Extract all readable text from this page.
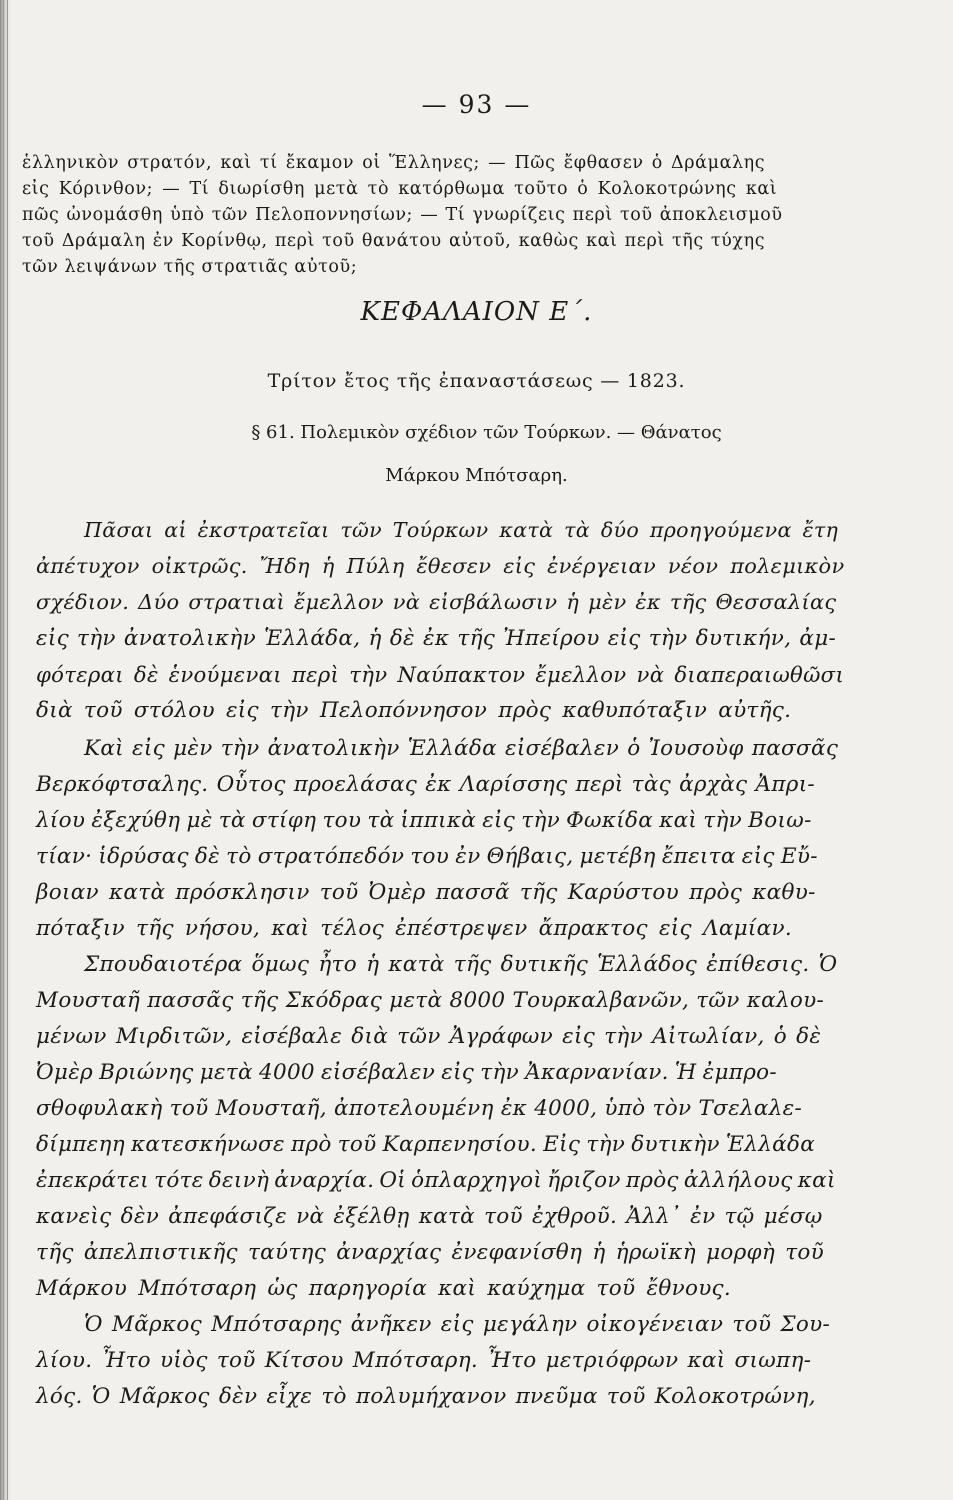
— 93 —
ἑλληνικὸν στρατόν, καὶ τί ἔκαμον οἱ Ἕλληνες; — Πῶς ἔφθασεν ὁ Δράμαλης
εἰς Κόρινθον; — Τί διωρίσθη μετὰ τὸ κατόρθωμα τοῦτο ὁ Κολοκοτρώνης καὶ
πῶς ὠνομάσθη ὑπὸ τῶν Πελοποννησίων; — Τί γνωρίζεις περὶ τοῦ ἀποκλεισμοῦ
τοῦ Δράμαλη ἐν Κορίνθῳ, περὶ τοῦ θανάτου αὐτοῦ, καθὼς καὶ περὶ τῆς τύχης
τῶν λειψάνων τῆς στρατιᾶς αὐτοῦ;
ΚΕΦΑΛΑΙΟΝ Ε΄.
Τρίτον ἔτος τῆς ἐπαναστάσεως — 1823.
§ 61. Πολεμικὸν σχέδιον τῶν Τούρκων. — Θάνατος
Μάρκου Μπότσαρη.
Πᾶσαι αἱ ἐκστρατεῖαι τῶν Τούρκων κατὰ τὰ δύο προηγούμενα ἔτη
ἀπέτυχον οἰκτρῶς. Ἤδη ἡ Πύλη ἔθεσεν εἰς ἐνέργειαν νέον πολεμικὸν
σχέδιον. Δύο στρατιαὶ ἔμελλον νὰ εἰσβάλωσιν ἡ μὲν ἐκ τῆς Θεσσαλίας
εἰς τὴν ἀνατολικὴν Ἑλλάδα, ἡ δὲ ἐκ τῆς Ἠπείρου εἰς τὴν δυτικήν, ἀμ-
φότεραι δὲ ἑνούμεναι περὶ τὴν Ναύπακτον ἔμελλον νὰ διαπεραιωθῶσι
διὰ τοῦ στόλου εἰς τὴν Πελοπόννησον πρὸς καθυπόταξιν αὐτῆς.
Καὶ εἰς μὲν τὴν ἀνατολικὴν Ἑλλάδα εἰσέβαλεν ὁ Ἰουσοὺφ πασσᾶς
Βερκόφτσαλης. Οὗτος προελάσας ἐκ Λαρίσσης περὶ τὰς ἀρχὰς Ἀπρι-
λίου ἐξεχύθη μὲ τὰ στίφη του τὰ ἱππικὰ εἰς τὴν Φωκίδα καὶ τὴν Βοιω-
τίαν· ἱδρύσας δὲ τὸ στρατόπεδόν του ἐν Θήβαις, μετέβη ἔπειτα εἰς Εὔ-
βοιαν κατὰ πρόσκλησιν τοῦ Ὀμὲρ πασσᾶ τῆς Καρύστου πρὸς καθυ-
πόταξιν τῆς νήσου, καὶ τέλος ἐπέστρεψεν ἄπρακτος εἰς Λαμίαν.
Σπουδαιοτέρα ὅμως ἦτο ἡ κατὰ τῆς δυτικῆς Ἑλλάδος ἐπίθεσις. Ὁ
Μουσταῆ πασσᾶς τῆς Σκόδρας μετὰ 8000 Τουρκαλβανῶν, τῶν καλου-
μένων Μιρδιτῶν, εἰσέβαλε διὰ τῶν Ἀγράφων εἰς τὴν Αἰτωλίαν, ὁ δὲ
Ὀμὲρ Βριώνης μετὰ 4000 εἰσέβαλεν εἰς τὴν Ἀκαρνανίαν. Ἡ ἐμπρο-
σθοφυλακὴ τοῦ Μουσταῆ, ἀποτελουμένη ἐκ 4000, ὑπὸ τὸν Τσελαλε-
δίμπεηη κατεσκήνωσε πρὸ τοῦ Καρπενησίου. Εἰς τὴν δυτικὴν Ἑλλάδα
ἐπεκράτει τότε δεινὴ ἀναρχία. Οἱ ὁπλαρχηγοὶ ἤριζον πρὸς ἀλλήλους καὶ
κανεὶς δὲν ἀπεφάσιζε νὰ ἐξέλθῃ κατὰ τοῦ ἐχθροῦ. Ἀλλ᾽ ἐν τῷ μέσῳ
τῆς ἀπελπιστικῆς ταύτης ἀναρχίας ἐνεφανίσθη ἡ ἡρωϊκὴ μορφὴ τοῦ
Μάρκου Μπότσαρη ὡς παρηγορία καὶ καύχημα τοῦ ἔθνους.
Ὁ Μᾶρκος Μπότσαρης ἀνῆκεν εἰς μεγάλην οἰκογένειαν τοῦ Σου-
λίου. Ἦτο υἱὸς τοῦ Κίτσου Μπότσαρη. Ἦτο μετριόφρων καὶ σιωπη-
λός. Ὁ Μᾶρκος δὲν εἶχε τὸ πολυμήχανον πνεῦμα τοῦ Κολοκοτρώνη,
